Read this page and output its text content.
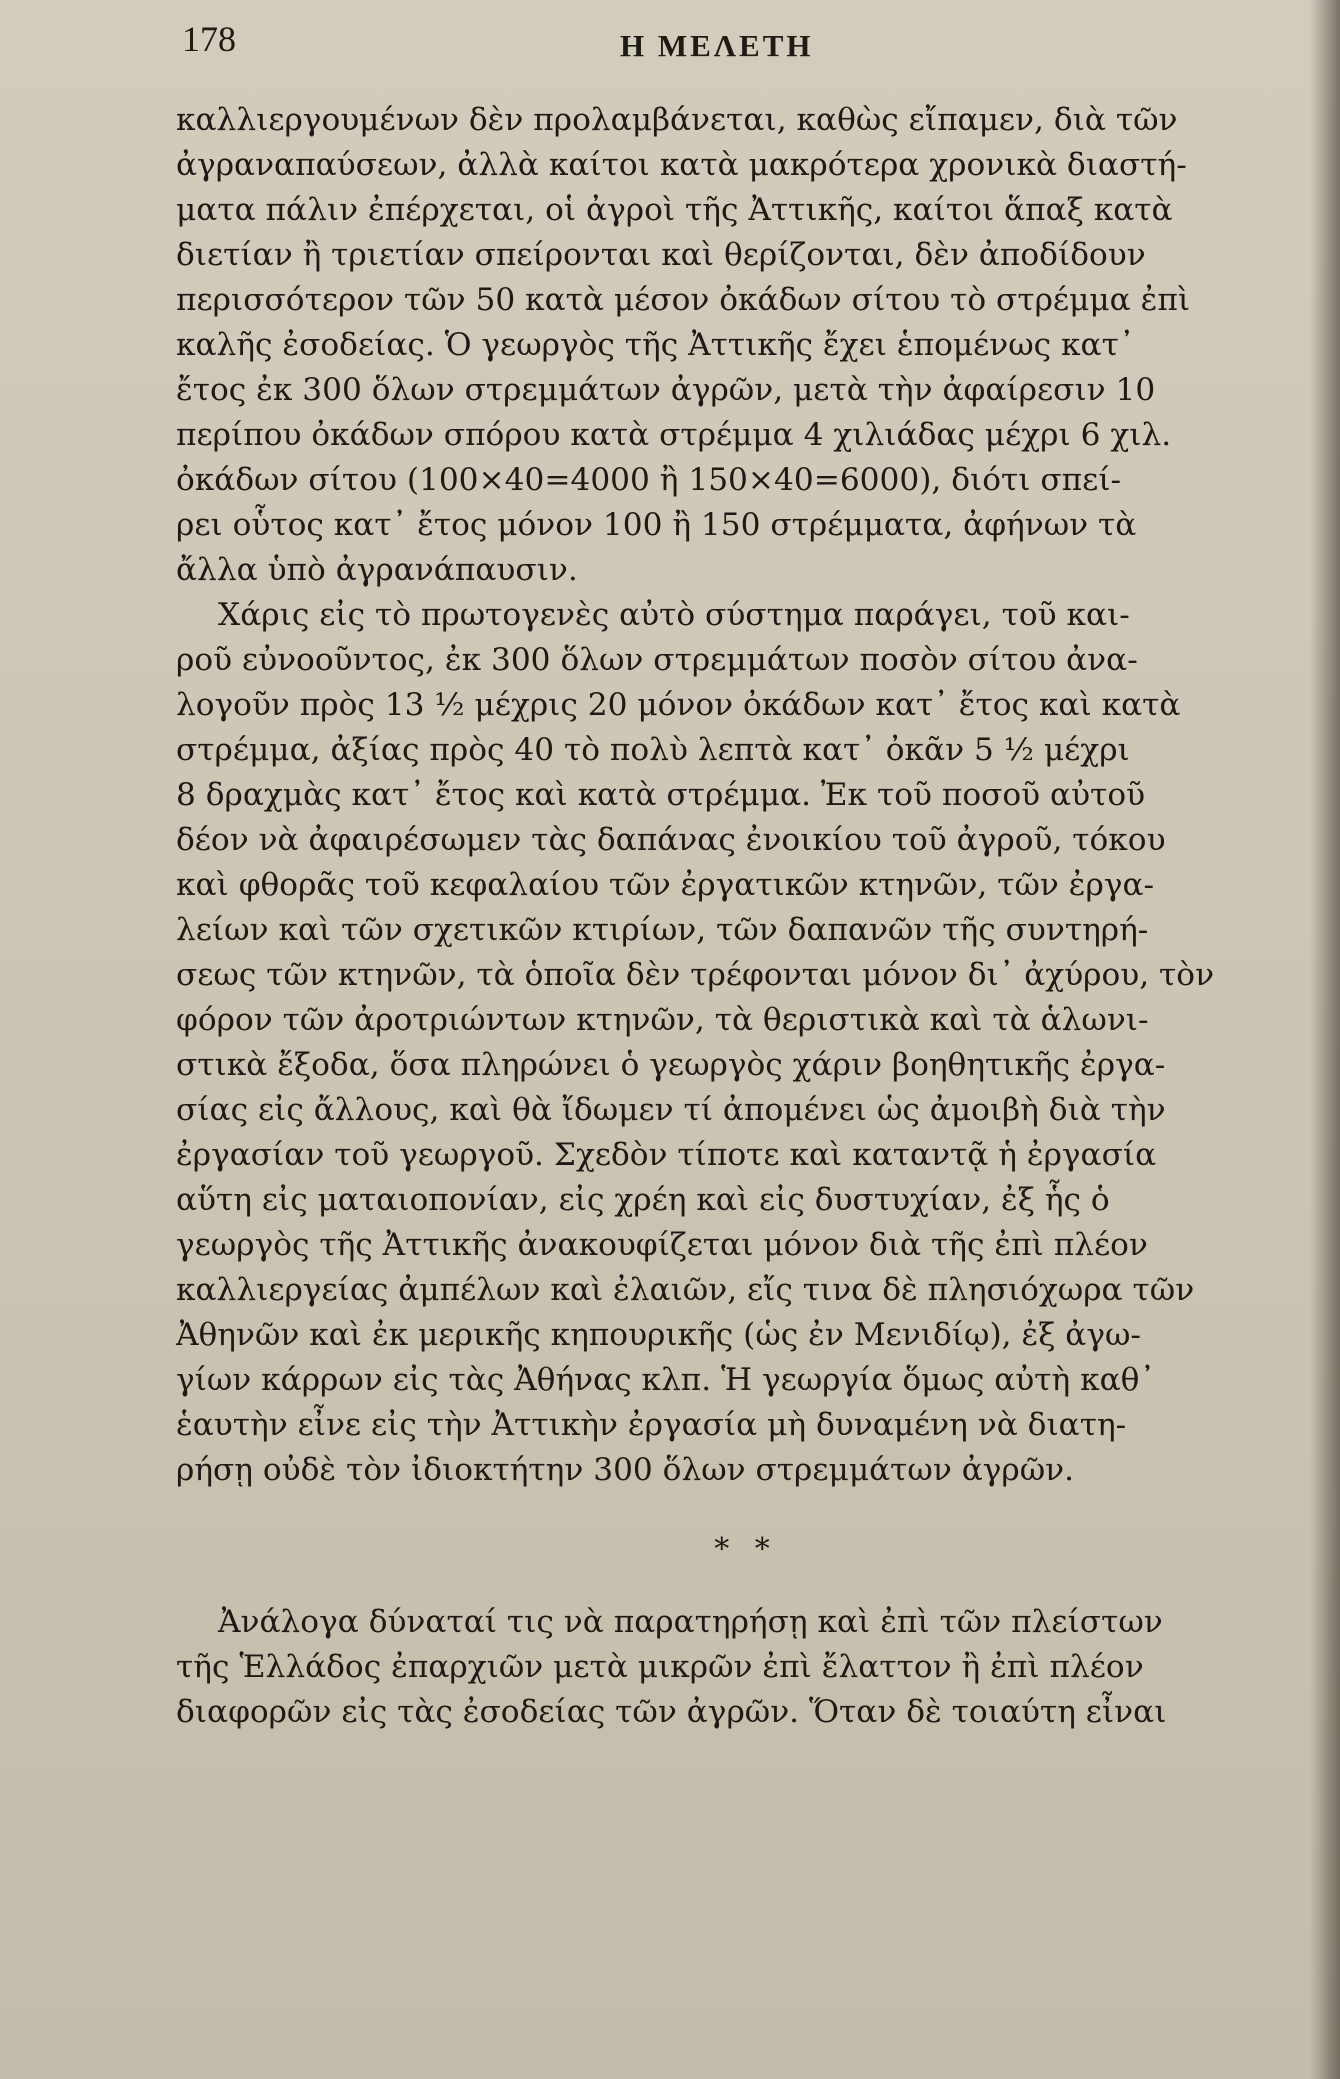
178	Η ΜΕΛΕΤΗ
καλλιεργουμένων δὲν προλαμβάνεται, καθὼς εἴπαμεν, διὰ τῶν
ἀγραναπαύσεων, ἀλλὰ καίτοι κατὰ μακρότερα χρονικὰ διαστή-
ματα πάλιν ἐπέρχεται, οἱ ἀγροὶ τῆς Ἀττικῆς, καίτοι ἅπαξ κατὰ
διετίαν ἢ τριετίαν σπείρονται καὶ θερίζονται, δὲν ἀποδίδουν
περισσότερον τῶν 50 κατὰ μέσον ὀκάδων σίτου τὸ στρέμμα ἐπὶ
καλῆς ἐσοδείας. Ὁ γεωργὸς τῆς Ἀττικῆς ἔχει ἑπομένως κατ᾿
ἔτος ἐκ 300 ὅλων στρεμμάτων ἀγρῶν, μετὰ τὴν ἀφαίρεσιν 10
περίπου ὀκάδων σπόρου κατὰ στρέμμα 4 χιλιάδας μέχρι 6 χιλ.
ὀκάδων σίτου (100×40=4000 ἢ 150×40=6000), διότι σπεί-
ρει οὗτος κατ᾿ ἔτος μόνον 100 ἢ 150 στρέμματα, ἀφήνων τὰ
ἄλλα ὑπὸ ἀγρανάπαυσιν.
Χάρις εἰς τὸ πρωτογενὲς αὐτὸ σύστημα παράγει, τοῦ και-
ροῦ εὐνοοῦντος, ἐκ 300 ὅλων στρεμμάτων ποσὸν σίτου ἀνα-
λογοῦν πρὸς 13 ½ μέχρις 20 μόνον ὀκάδων κατ᾿ ἔτος καὶ κατὰ
στρέμμα, ἀξίας πρὸς 40 τὸ πολὺ λεπτὰ κατ᾿ ὀκᾶν 5 ½ μέχρι
8 δραχμὰς κατ᾿ ἔτος καὶ κατὰ στρέμμα. Ἐκ τοῦ ποσοῦ αὐτοῦ
δέον νὰ ἀφαιρέσωμεν τὰς δαπάνας ἐνοικίου τοῦ ἀγροῦ, τόκου
καὶ φθορᾶς τοῦ κεφαλαίου τῶν ἐργατικῶν κτηνῶν, τῶν ἐργα-
λείων καὶ τῶν σχετικῶν κτιρίων, τῶν δαπανῶν τῆς συντηρή-
σεως τῶν κτηνῶν, τὰ ὁποῖα δὲν τρέφονται μόνον δι᾿ ἀχύρου, τὸν
φόρον τῶν ἀροτριώντων κτηνῶν, τὰ θεριστικὰ καὶ τὰ ἁλωνι-
στικὰ ἔξοδα, ὅσα πληρώνει ὁ γεωργὸς χάριν βοηθητικῆς ἐργα-
σίας εἰς ἄλλους, καὶ θὰ ἴδωμεν τί ἀπομένει ὡς ἀμοιβὴ διὰ τὴν
ἐργασίαν τοῦ γεωργοῦ. Σχεδὸν τίποτε καὶ καταντᾷ ἡ ἐργασία
αὕτη εἰς ματαιοπονίαν, εἰς χρέη καὶ εἰς δυστυχίαν, ἐξ ἧς ὁ
γεωργὸς τῆς Ἀττικῆς ἀνακουφίζεται μόνον διὰ τῆς ἐπὶ πλέον
καλλιεργείας ἀμπέλων καὶ ἐλαιῶν, εἴς τινα δὲ πλησιόχωρα τῶν
Ἀθηνῶν καὶ ἐκ μερικῆς κηπουρικῆς (ὡς ἐν Μενιδίῳ), ἐξ ἀγω-
γίων κάρρων εἰς τὰς Ἀθήνας κλπ. Ἡ γεωργία ὅμως αὐτὴ καθ᾿
ἑαυτὴν εἶνε εἰς τὴν Ἀττικὴν ἐργασία μὴ δυναμένη νὰ διατη-
ρήσῃ οὐδὲ τὸν ἰδιοκτήτην 300 ὅλων στρεμμάτων ἀγρῶν.
* *
Ἀνάλογα δύναταί τις νὰ παρατηρήσῃ καὶ ἐπὶ τῶν πλείστων
τῆς Ἑλλάδος ἐπαρχιῶν μετὰ μικρῶν ἐπὶ ἔλαττον ἢ ἐπὶ πλέον
διαφορῶν εἰς τὰς ἐσοδείας τῶν ἀγρῶν. Ὅταν δὲ τοιαύτη εἶναι
